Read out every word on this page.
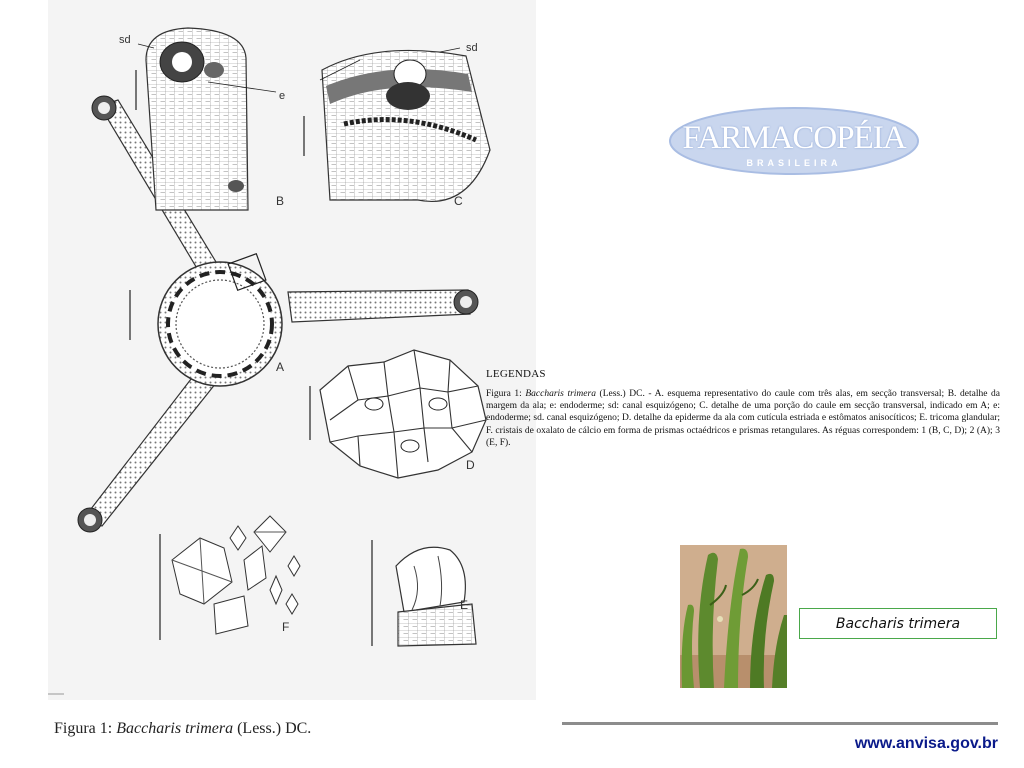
sd
e
sd
A
B	C
D
E
F
Figura 1: Baccharis trimera (Less.) DC.
FARMACOPÉIA
BRASILEIRA
LEGENDAS
Figura 1: Baccharis trimera (Less.) DC. - A. esquema representativo do caule com três alas, em secção transversal; B. detalhe da margem da ala; e: endoderme; sd: canal esquizógeno; C. detalhe de uma porção do caule em secção transversal, indicado em A; e: endoderme; sd. canal esquizógeno; D. detalhe da epiderme da ala com cutícula estriada e estômatos anisocíticos; E. tricoma glandular; F. cristais de oxalato de cálcio em forma de prismas octaédricos e prismas retangulares. As réguas correspondem: 1 (B, C, D); 2 (A); 3 (E, F).
Baccharis trimera
www.anvisa.gov.br
